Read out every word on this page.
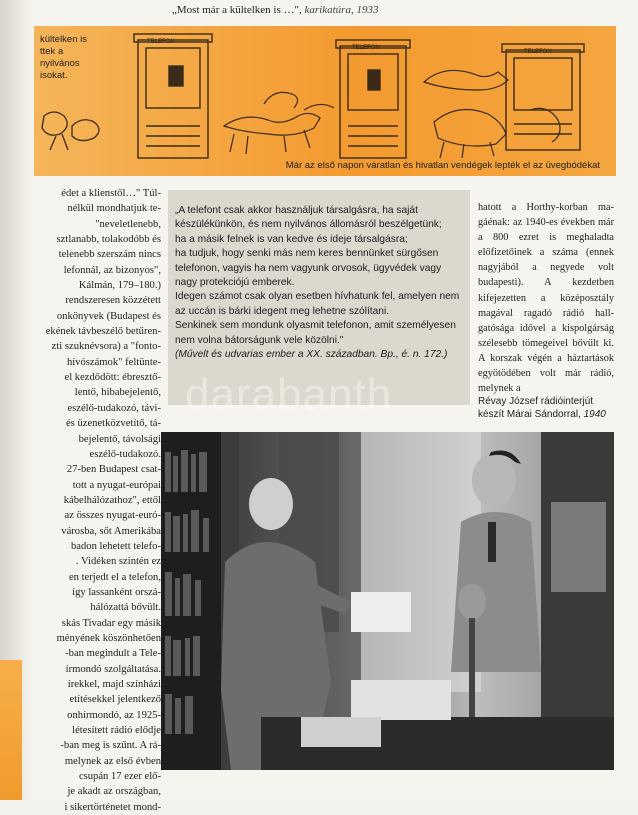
„Most már a kültelken is …", karikatúra, 1933
TELEFON
TELEFON
TELEFON
kültelken is
ttek a nyilvános
isokat.
Már az első napon váratlan és hivatlan vendégek lepték el az üvegbódékat
édet a klienstől…" Túl-
nélkül mondhatjuk te-
"neveletlenebb,
sztlanabb, tolakodóbb és
telenebb szerszám nincs
lefonnál, az bizonyos",
Kálmán, 179–180.)
rendszeresen közzétett
onkönyvek (Budapest és
ekének távbeszélő betűren-
zti szuknévsora) a "fonto-
hívószámok" feltünte-
el kezdődött: ébresztő-
lentő, hibabejelentő,
eszélő-tudakozó, távi-
és üzenetközvetítő, tá-
bejelentő, távolsági
eszélő-tudakozó.
27-ben Budapest csat-
tott a nyugat-európai
kábelhálózathoz", ettől
az összes nyugat-euró-
városba, sőt Amerikába
badon lehetett telefo-
. Vidéken szintén ez
en terjedt el a telefon,
így lassanként orszá-
hálózattá bővült.
skás Tivadar egy másik
ményének köszönhetően
-ban megindult a Tele-
írmondó szolgáltatása.
írekkel, majd színházi
etítésekkel jelentkező
onhírmondó, az 1925-
létesített rádió elődje
-ban meg is szűnt. A rá-
melynek az első évben
csupán 17 ezer elő-
je akadt az országban,
i sikertörténetet mond-

„A telefont csak akkor használjuk társalgásra, ha saját készülékünkön, és nem nyilvános állomásról beszélgetünk;

ha a másik felnek is van kedve és ideje társalgásra;

ha tudjuk, hogy senki más nem keres bennünket sürgősen telefonon, vagyis ha nem vagyunk orvosok, ügyvédek vagy nagy protekciójú emberek.

Idegen számot csak olyan esetben hívhatunk fel, amelyen nem az uccán is bárki idegent meg lehetne szólítani.

Senkinek sem mondunk olyasmit telefonon, amit személyesen nem volna bátorságunk vele közölni."

(Művelt és udvarias ember a XX. században. Bp., é. n. 172.)

hatott a Horthy-korban magáénak: az 1940-es években már a 800 ezret is meghaladta előfizetőinek a száma (ennek nagyjából a negyede volt budapesti). A kezdetben kifejezetten a középosztály magával ragadó rádió hallgatósága idővel a kispolgárság szélesebb tömegeivel bővült ki. A korszak végén a háztartások egyötödében volt már rádió, melynek a

Révay József rádióinterjút készít Márai Sándorral, 1940
darabanth
